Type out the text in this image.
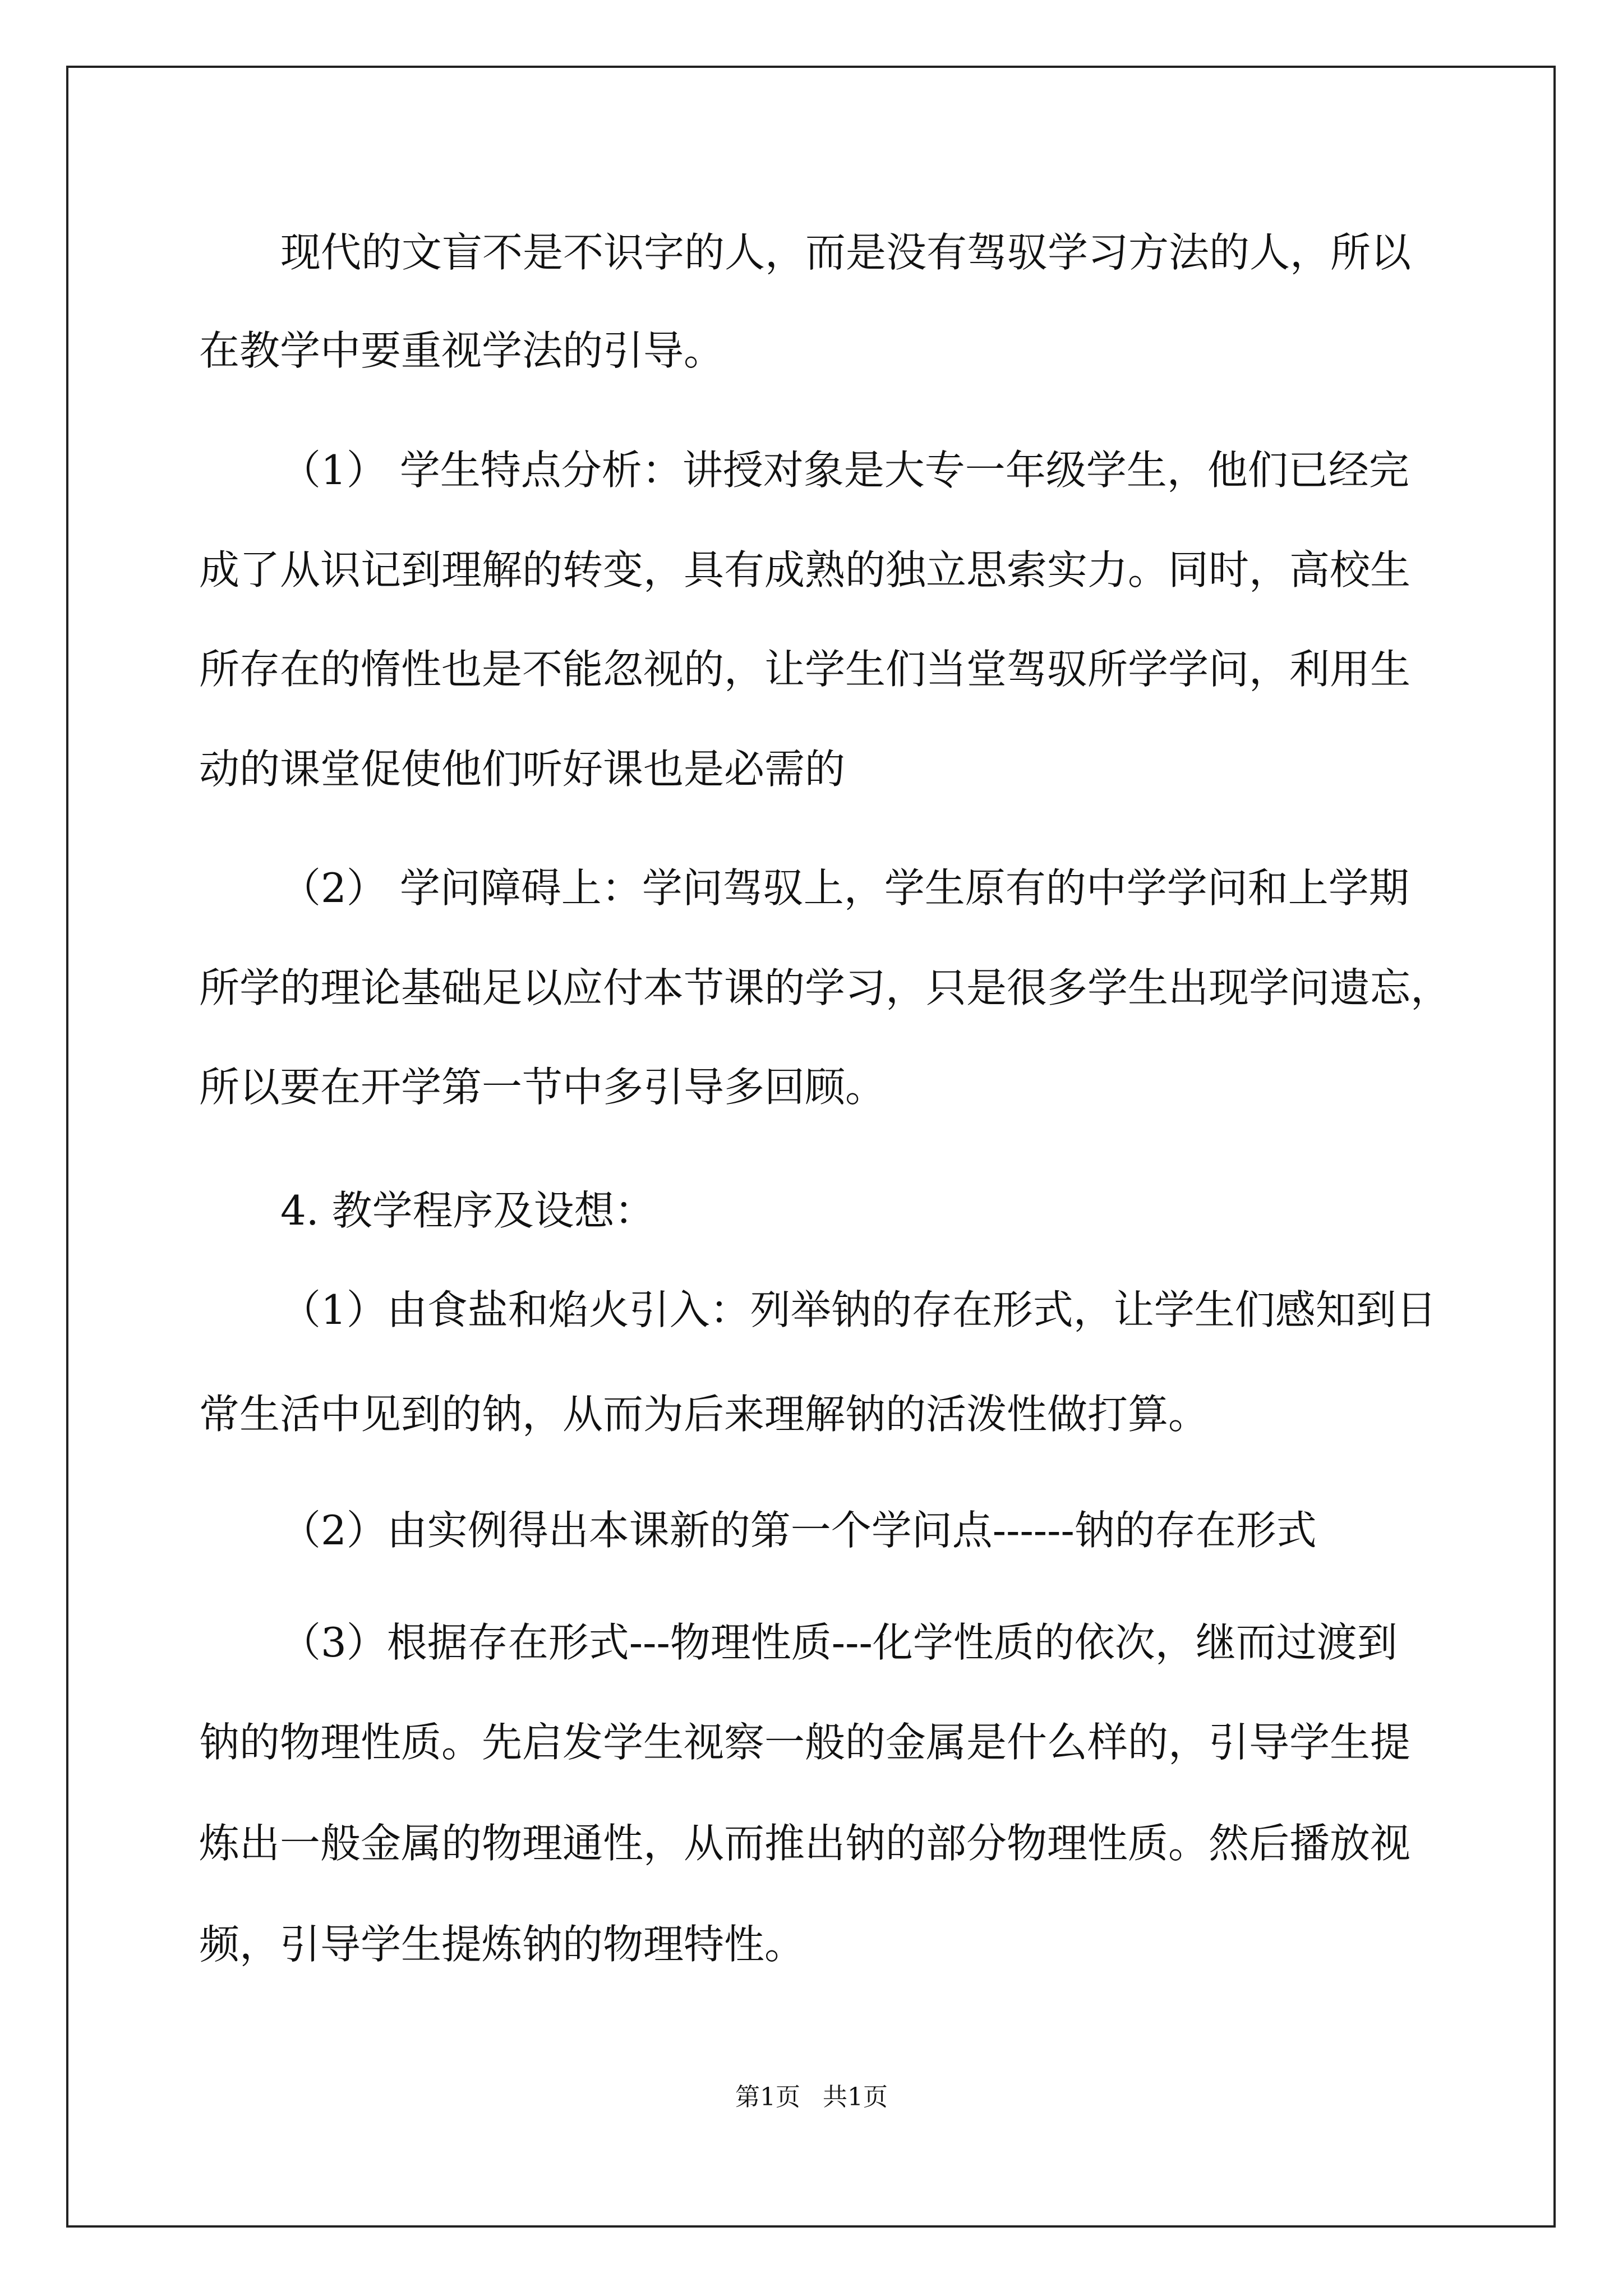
现代的文盲不是不识字的人，而是没有驾驭学习方法的人，所以

在教学中要重视学法的引导。

（1） 学生特点分析：讲授对象是大专一年级学生，他们已经完

成了从识记到理解的转变，具有成熟的独立思索实力。同时，高校生

所存在的惰性也是不能忽视的，让学生们当堂驾驭所学学问，利用生

动的课堂促使他们听好课也是必需的

（2） 学问障碍上：学问驾驭上，学生原有的中学学问和上学期

所学的理论基础足以应付本节课的学习，只是很多学生出现学问遗忘，

所以要在开学第一节中多引导多回顾。

4. 教学程序及设想：

（1）由食盐和焰火引入：列举钠的存在形式，让学生们感知到日

常生活中见到的钠，从而为后来理解钠的活泼性做打算。

（2）由实例得出本课新的第一个学问点------钠的存在形式

（3）根据存在形式---物理性质---化学性质的依次，继而过渡到

钠的物理性质。先启发学生视察一般的金属是什么样的，引导学生提

炼出一般金属的物理通性，从而推出钠的部分物理性质。然后播放视

频，引导学生提炼钠的物理特性。

第1页 共1页
